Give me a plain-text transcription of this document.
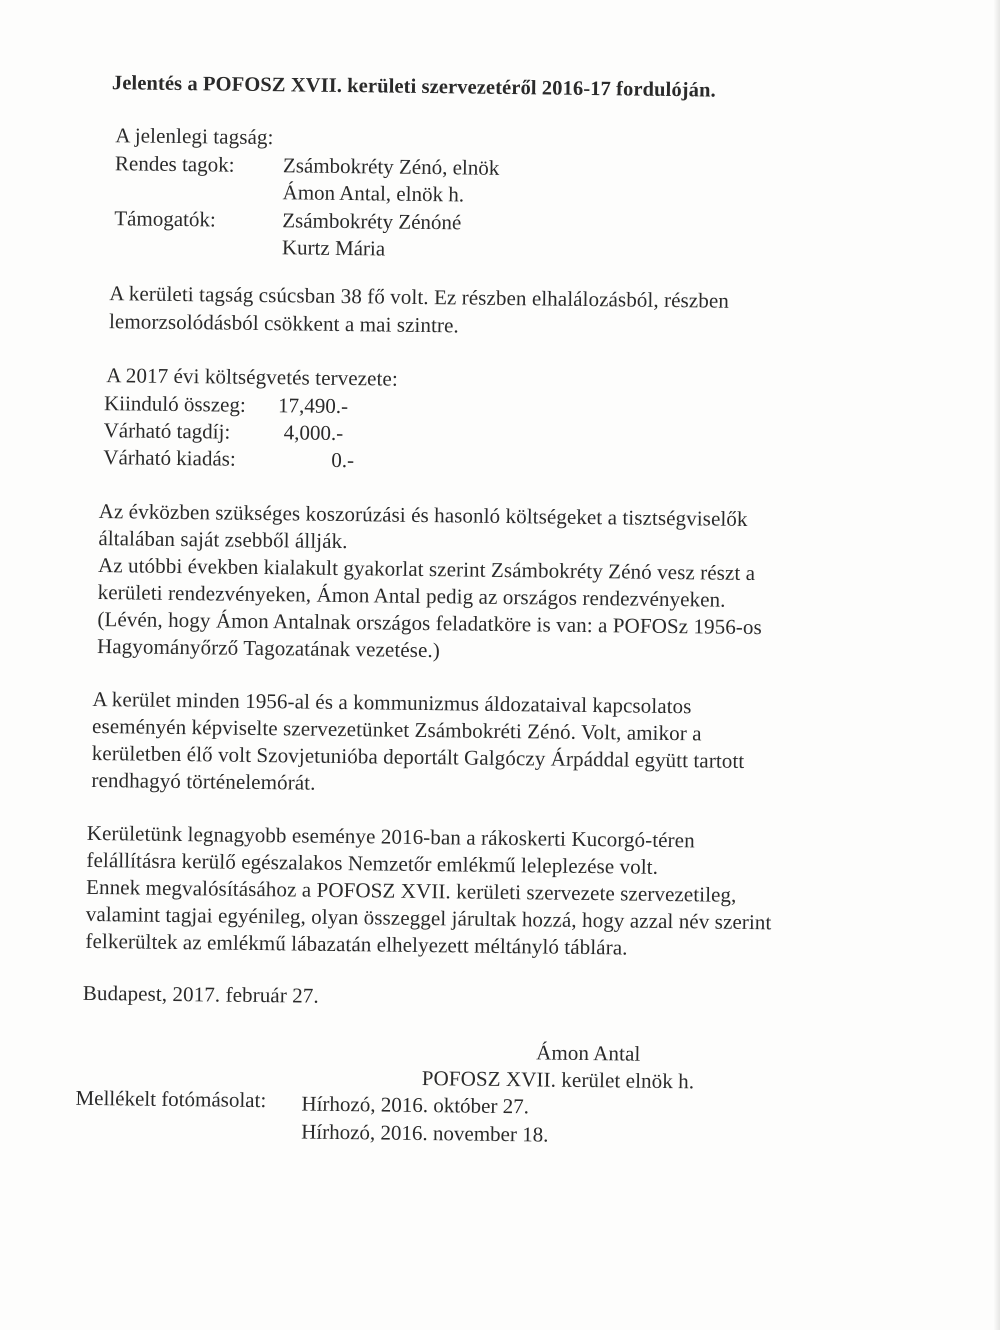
Jelentés a POFOSZ XVII. kerületi szervezetéről 2016-17 fordulóján.
A jelenlegi tagság:
Rendes tagok: Zsámbokréty Zénó, elnök
Ámon Antal, elnök h.
Támogatók:	Zsámbokréty Zénóné
Kurtz Mária
A kerületi tagság csúcsban 38 fő volt. Ez részben elhalálozásból, részben
lemorzsolódásból csökkent a mai szintre.
A 2017 évi költségvetés tervezete:
Kiinduló összeg: 17,490.-
Várható tagdíj:	4,000.-
Várható kiadás:	0.-
Az évközben szükséges koszorúzási és hasonló költségeket a tisztségviselők
általában saját zsebből állják.
Az utóbbi években kialakult gyakorlat szerint Zsámbokréty Zénó vesz részt a
kerületi rendezvényeken, Ámon Antal pedig az országos rendezvényeken.
(Lévén, hogy Ámon Antalnak országos feladatköre is van: a POFOSz 1956-os
Hagyományőrző Tagozatának vezetése.)
A kerület minden 1956-al és a kommunizmus áldozataival kapcsolatos
eseményén képviselte szervezetünket Zsámbokréti Zénó. Volt, amikor a
kerületben élő volt Szovjetunióba deportált Galgóczy Árpáddal együtt tartott
rendhagyó történelemórát.
Kerületünk legnagyobb eseménye 2016-ban a rákoskerti Kucorgó-téren
felállításra kerülő egészalakos Nemzetőr emlékmű leleplezése volt.
Ennek megvalósításához a POFOSZ XVII. kerületi szervezete szervezetileg,
valamint tagjai egyénileg, olyan összeggel járultak hozzá, hogy azzal név szerint
felkerültek az emlékmű lábazatán elhelyezett méltányló táblára.
Budapest, 2017. február 27.
Ámon Antal
POFOSZ XVII. kerület elnök h.
Mellékelt fotómásolat: Hírhozó, 2016. október 27.
Hírhozó, 2016. november 18.
